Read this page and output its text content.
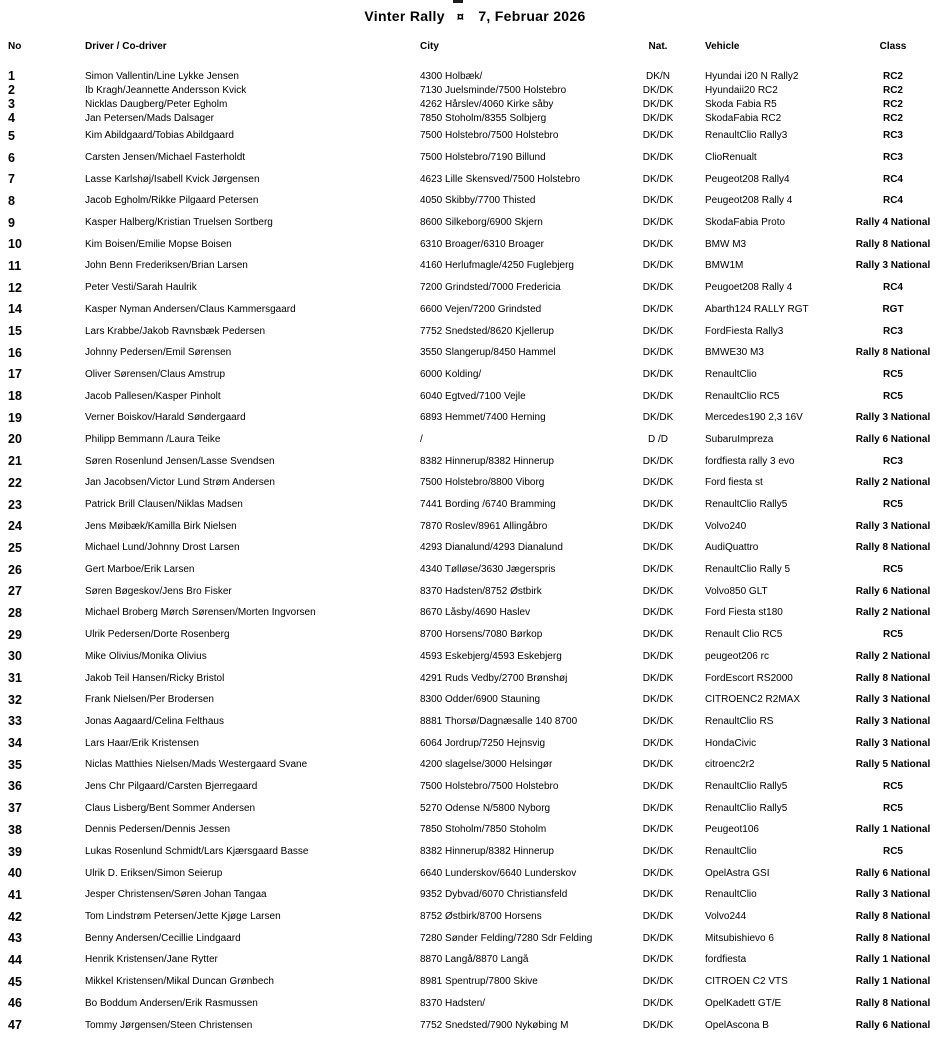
Vinter Rally ¤ 7, Februar 2026
No	Driver / Co-driver	City	Nat.	Vehicle	Class
1	Simon Vallentin/Line Lykke Jensen	4300 Holbæk/	DK/N	Hyundai i20 N Rally2	RC2
2	Ib Kragh/Jeannette Andersson Kvick	7130 Juelsminde/7500 Holstebro	DK/DK	Hyundaii20 RC2	RC2
3	Nicklas Daugberg/Peter Egholm	4262 Hårslev/4060 Kirke såby	DK/DK	Skoda Fabia R5	RC2
4	Jan Petersen/Mads Dalsager	7850 Stoholm/8355 Solbjerg	DK/DK	SkodaFabia RC2	RC2
5	Kim Abildgaard/Tobias Abildgaard	7500 Holstebro/7500 Holstebro	DK/DK	RenaultClio Rally3	RC3
6	Carsten Jensen/Michael Fasterholdt	7500 Holstebro/7190 Billund	DK/DK	ClioRenualt	RC3
7	Lasse Karlshøj/Isabell Kvick Jørgensen	4623 Lille Skensved/7500 Holstebro	DK/DK	Peugeot208 Rally4	RC4
8	Jacob Egholm/Rikke Pilgaard Petersen	4050 Skibby/7700 Thisted	DK/DK	Peugeot208 Rally 4	RC4
9	Kasper Halberg/Kristian Truelsen Sortberg	8600 Silkeborg/6900 Skjern	DK/DK	SkodaFabia Proto	Rally 4 National
10	Kim Boisen/Emilie Mopse Boisen	6310 Broager/6310 Broager	DK/DK	BMW M3	Rally 8 National
11	John Benn Frederiksen/Brian Larsen	4160 Herlufmagle/4250 Fuglebjerg	DK/DK	BMW1M	Rally 3 National
12	Peter Vesti/Sarah Haulrik	7200 Grindsted/7000 Fredericia	DK/DK	Peugoet208 Rally 4	RC4
14	Kasper Nyman Andersen/Claus Kammersgaard	6600 Vejen/7200 Grindsted	DK/DK	Abarth124 RALLY RGT	RGT
15	Lars Krabbe/Jakob Ravnsbæk Pedersen	7752 Snedsted/8620 Kjellerup	DK/DK	FordFiesta Rally3	RC3
16	Johnny Pedersen/Emil Sørensen	3550 Slangerup/8450 Hammel	DK/DK	BMWE30 M3	Rally 8 National
17	Oliver Sørensen/Claus Amstrup	6000 Kolding/	DK/DK	RenaultClio	RC5
18	Jacob Pallesen/Kasper Pinholt	6040 Egtved/7100 Vejle	DK/DK	RenaultClio RC5	RC5
19	Verner Boiskov/Harald Søndergaard	6893 Hemmet/7400 Herning	DK/DK	Mercedes190 2,3 16V	Rally 3 National
20	Philipp Bemmann /Laura Teike	/	D /D	SubaruImpreza	Rally 6 National
21	Søren Rosenlund Jensen/Lasse Svendsen	8382 Hinnerup/8382 Hinnerup	DK/DK	fordfiesta rally 3 evo	RC3
22	Jan Jacobsen/Victor Lund Strøm Andersen	7500 Holstebro/8800 Viborg	DK/DK	Ford fiesta st	Rally 2 National
23	Patrick Brill Clausen/Niklas Madsen	7441 Bording /6740 Bramming	DK/DK	RenaultClio Rally5	RC5
24	Jens Møibæk/Kamilla Birk Nielsen	7870 Roslev/8961 Allingåbro	DK/DK	Volvo240	Rally 3 National
25	Michael Lund/Johnny Drost Larsen	4293 Dianalund/4293 Dianalund	DK/DK	AudiQuattro	Rally 8 National
26	Gert Marboe/Erik Larsen	4340 Tølløse/3630 Jægerspris	DK/DK	RenaultClio Rally 5	RC5
27	Søren Bøgeskov/Jens Bro Fisker	8370 Hadsten/8752 Østbirk	DK/DK	Volvo850 GLT	Rally 6 National
28	Michael Broberg Mørch Sørensen/Morten Ingvorsen	8670 Låsby/4690 Haslev	DK/DK	Ford Fiesta st180	Rally 2 National
29	Ulrik Pedersen/Dorte Rosenberg	8700 Horsens/7080 Børkop	DK/DK	Renault Clio RC5	RC5
30	Mike Olivius/Monika Olivius	4593 Eskebjerg/4593 Eskebjerg	DK/DK	peugeot206 rc	Rally 2 National
31	Jakob Teil Hansen/Ricky Bristol	4291 Ruds Vedby/2700 Brønshøj	DK/DK	FordEscort RS2000	Rally 8 National
32	Frank Nielsen/Per Brodersen	8300 Odder/6900 Stauning	DK/DK	CITROENC2 R2MAX	Rally 3 National
33	Jonas Aagaard/Celina Felthaus	8881 Thorsø/Dagnæsalle 140 8700	DK/DK	RenaultClio RS	Rally 3 National
34	Lars Haar/Erik Kristensen	6064 Jordrup/7250 Hejnsvig	DK/DK	HondaCivic	Rally 3 National
35	Niclas Matthies Nielsen/Mads Westergaard Svane	4200 slagelse/3000 Helsingør	DK/DK	citroenc2r2	Rally 5 National
36	Jens Chr Pilgaard/Carsten Bjerregaard	7500 Holstebro/7500 Holstebro	DK/DK	RenaultClio Rally5	RC5
37	Claus Lisberg/Bent Sommer Andersen	5270 Odense N/5800 Nyborg	DK/DK	RenaultClio Rally5	RC5
38	Dennis Pedersen/Dennis Jessen	7850 Stoholm/7850 Stoholm	DK/DK	Peugeot106	Rally 1 National
39	Lukas Rosenlund Schmidt/Lars Kjærsgaard Basse	8382 Hinnerup/8382 Hinnerup	DK/DK	RenaultClio	RC5
40	Ulrik D. Eriksen/Simon Seierup	6640 Lunderskov/6640 Lunderskov	DK/DK	OpelAstra GSI	Rally 6 National
41	Jesper Christensen/Søren Johan Tangaa	9352 Dybvad/6070 Christiansfeld	DK/DK	RenaultClio	Rally 3 National
42	Tom Lindstrøm Petersen/Jette Kjøge Larsen	8752 Østbirk/8700 Horsens	DK/DK	Volvo244	Rally 8 National
43	Benny Andersen/Cecillie Lindgaard	7280 Sønder Felding/7280 Sdr Felding	DK/DK	Mitsubishievo 6	Rally 8 National
44	Henrik Kristensen/Jane Rytter	8870 Langå/8870 Langå	DK/DK	fordfiesta	Rally 1 National
45	Mikkel Kristensen/Mikal Duncan Grønbech	8981 Spentrup/7800 Skive	DK/DK	CITROEN C2 VTS	Rally 1 National
46	Bo Boddum Andersen/Erik Rasmussen	8370 Hadsten/	DK/DK	OpelKadett GT/E	Rally 8 National
47	Tommy Jørgensen/Steen Christensen	7752 Snedsted/7900 Nykøbing M	DK/DK	OpelAscona B	Rally 6 National
